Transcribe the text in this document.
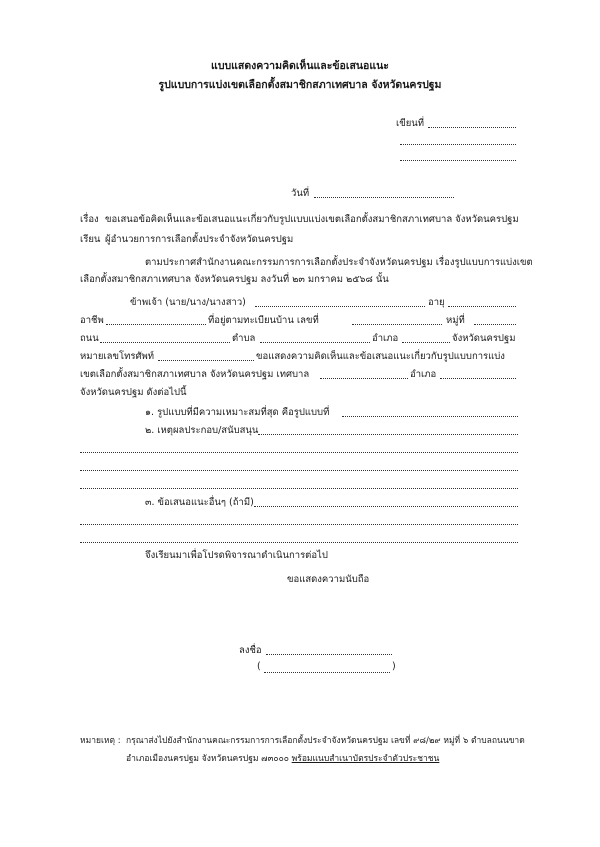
แบบแสดงความคิดเห็นและข้อเสนอแนะ
รูปแบบการแบ่งเขตเลือกตั้งสมาชิกสภาเทศบาล จังหวัดนครปฐม
เขียนที่
วันที่
เรื่อง ขอเสนอข้อคิดเห็นและข้อเสนอแนะเกี่ยวกับรูปแบบแบ่งเขตเลือกตั้งสมาชิกสภาเทศบาล จังหวัดนครปฐม
เรียน ผู้อำนวยการการเลือกตั้งประจำจังหวัดนครปฐม
ตามประกาศสำนักงานคณะกรรมการการเลือกตั้งประจำจังหวัดนครปฐม เรื่องรูปแบบการแบ่งเขต
เลือกตั้งสมาชิกสภาเทศบาล จังหวัดนครปฐม ลงวันที่ ๒๓ มกราคม ๒๕๖๘ นั้น
ข้าพเจ้า (นาย/นาง/นางสาว)	อายุ
อาชีพ	ที่อยู่ตามทะเบียนบ้าน เลขที่	หมู่ที่
ถนน	ตำบล	อำเภอ	จังหวัดนครปฐม
หมายเลขโทรศัพท์	ขอแสดงความคิดเห็นและข้อเสนอแนะเกี่ยวกับรูปแบบการแบ่ง
เขตเลือกตั้งสมาชิกสภาเทศบาล จังหวัดนครปฐม เทศบาล	อำเภอ
จังหวัดนครปฐม ดังต่อไปนี้
๑. รูปแบบที่มีความเหมาะสมที่สุด คือรูปแบบที่
๒. เหตุผลประกอบ/สนับสนุน
๓. ข้อเสนอแนะอื่นๆ (ถ้ามี)
จึงเรียนมาเพื่อโปรดพิจารณาดำเนินการต่อไป
ขอแสดงความนับถือ
ลงชื่อ
(	)
หมายเหตุ : กรุณาส่งไปยังสำนักงานคณะกรรมการการเลือกตั้งประจำจังหวัดนครปฐม เลขที่ ๙๘/๒๙ หมู่ที่ ๖ ตำบลถนนขาด
อำเภอเมืองนครปฐม จังหวัดนครปฐม ๗๓๐๐๐ พร้อมแนบสำเนาบัตรประจำตัวประชาชน
